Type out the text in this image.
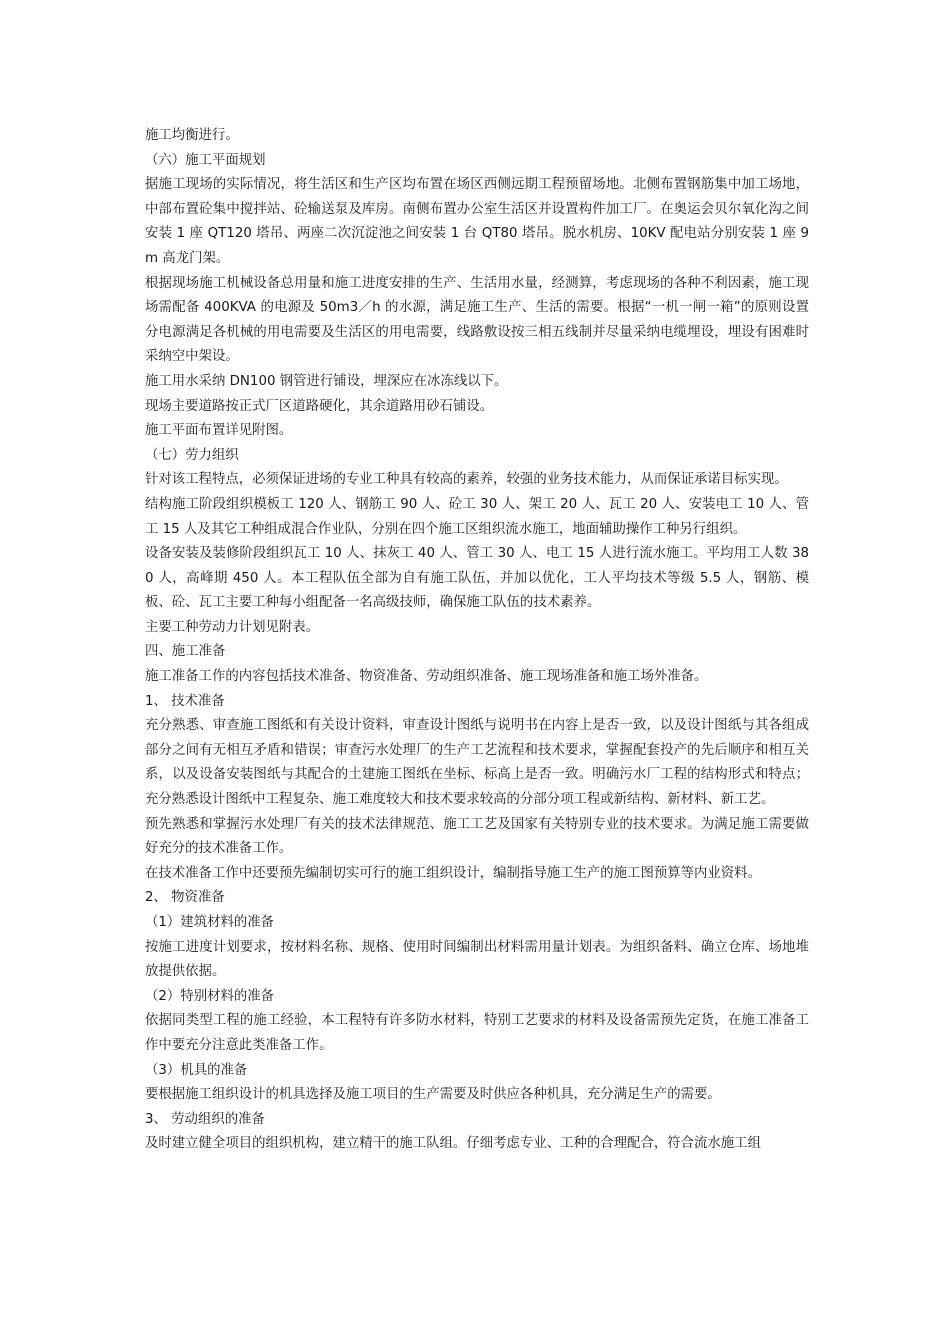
施工均衡进行。

（六）施工平面规划

据施工现场的实际情况，将生活区和生产区均布置在场区西侧远期工程预留场地。北侧布置钢筋集中加工场地，中部布置砼集中搅拌站、砼输送泵及库房。南侧布置办公室生活区并设置构件加工厂。在奥运会贝尔氧化沟之间安装 1 座 QT120 塔吊、两座二次沉淀池之间安装 1 台 QT80 塔吊。脱水机房、10KV 配电站分别安装 1 座 9m 高龙门架。

根据现场施工机械设备总用量和施工进度安排的生产、生活用水量，经测算，考虑现场的各种不利因素，施工现场需配备 400KVA 的电源及 50m3／h 的水源，满足施工生产、生活的需要。根据“一机一闸一箱”的原则设置分电源满足各机械的用电需要及生活区的用电需要，线路敷设按三相五线制并尽量采纳电缆埋设，埋设有困难时采纳空中架设。

施工用水采纳 DN100 钢管进行铺设，埋深应在冰冻线以下。

现场主要道路按正式厂区道路硬化，其余道路用砂石铺设。

施工平面布置详见附图。

（七）劳力组织

针对该工程特点，必须保证进场的专业工种具有较高的素养，较强的业务技术能力，从而保证承诺目标实现。

结构施工阶段组织模板工 120 人、钢筋工 90 人、砼工 30 人、架工 20 人、瓦工 20 人、安装电工 10 人、管工 15 人及其它工种组成混合作业队，分别在四个施工区组织流水施工，地面辅助操作工种另行组织。

设备安装及装修阶段组织瓦工 10 人、抹灰工 40 人、管工 30 人、电工 15 人进行流水施工。平均用工人数 380 人，高峰期 450 人。本工程队伍全部为自有施工队伍，并加以优化，工人平均技术等级 5.5 人，钢筋、模板、砼、瓦工主要工种每小组配备一名高级技师，确保施工队伍的技术素养。

主要工种劳动力计划见附表。

四、施工准备

施工准备工作的内容包括技术准备、物资准备、劳动组织准备、施工现场准备和施工场外准备。

1、 技术准备

充分熟悉、审查施工图纸和有关设计资料，审查设计图纸与说明书在内容上是否一致，以及设计图纸与其各组成部分之间有无相互矛盾和错误；审查污水处理厂的生产工艺流程和技术要求，掌握配套投产的先后顺序和相互关系，以及设备安装图纸与其配合的土建施工图纸在坐标、标高上是否一致。明确污水厂工程的结构形式和特点；充分熟悉设计图纸中工程复杂、施工难度较大和技术要求较高的分部分项工程或新结构、新材料、新工艺。

预先熟悉和掌握污水处理厂有关的技术法律规范、施工工艺及国家有关特别专业的技术要求。为满足施工需要做好充分的技术准备工作。

在技术准备工作中还要预先编制切实可行的施工组织设计，编制指导施工生产的施工图预算等内业资料。

2、 物资准备

（1）建筑材料的准备

按施工进度计划要求，按材料名称、规格、使用时间编制出材料需用量计划表。为组织备料、确立仓库、场地堆放提供依据。

（2）特别材料的准备

依据同类型工程的施工经验，本工程特有许多防水材料，特别工艺要求的材料及设备需预先定货，在施工准备工作中要充分注意此类准备工作。

（3）机具的准备

要根据施工组织设计的机具选择及施工项目的生产需要及时供应各种机具，充分满足生产的需要。

3、 劳动组织的准备

及时建立健全项目的组织机构，建立精干的施工队组。仔细考虑专业、工种的合理配合，符合流水施工组
